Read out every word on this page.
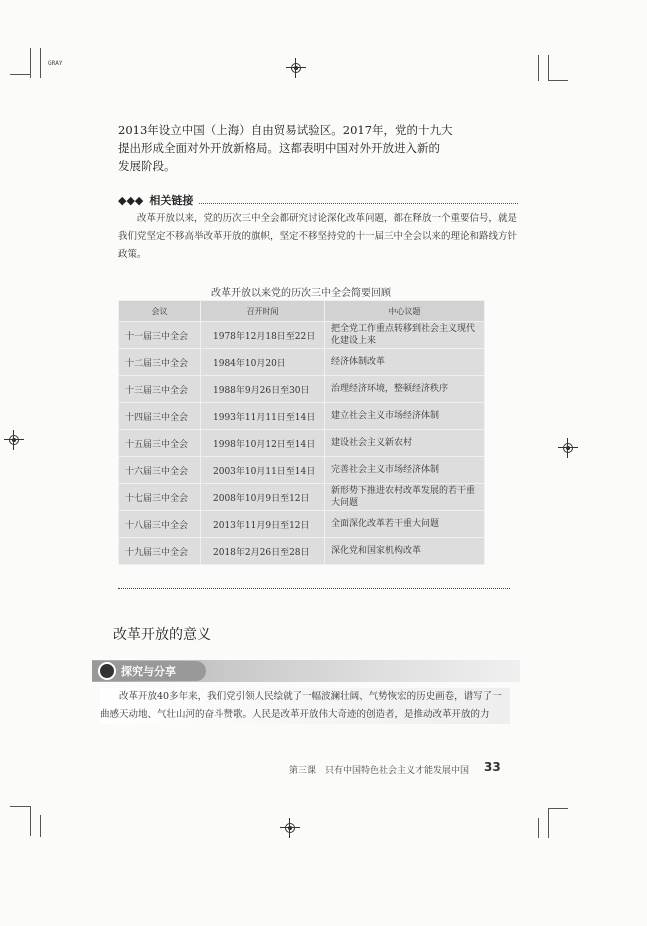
GRAY
2013年设立中国（上海）自由贸易试验区。2017年，党的十九大
提出形成全面对外开放新格局。这都表明中国对外开放进入新的
发展阶段。
◆◆◆ 相关链接
改革开放以来，党的历次三中全会都研究讨论深化改革问题，都在释放一个重要信号，就是我们党坚定不移高举改革开放的旗帜，坚定不移坚持党的十一届三中全会以来的理论和路线方针政策。
改革开放以来党的历次三中全会简要回顾
会议	召开时间	中心议题
十一届三中全会	1978年12月18日至22日	把全党工作重点转移到社会主义现代化建设上来
十二届三中全会	1984年10月20日	经济体制改革
十三届三中全会	1988年9月26日至30日	治理经济环境，整顿经济秩序
十四届三中全会	1993年11月11日至14日	建立社会主义市场经济体制
十五届三中全会	1998年10月12日至14日	建设社会主义新农村
十六届三中全会	2003年10月11日至14日	完善社会主义市场经济体制
十七届三中全会	2008年10月9日至12日	新形势下推进农村改革发展的若干重大问题
十八届三中全会	2013年11月9日至12日	全面深化改革若干重大问题
十九届三中全会	2018年2月26日至28日	深化党和国家机构改革
改革开放的意义
探究与分享
改革开放40多年来，我们党引领人民绘就了一幅波澜壮阔、气势恢宏的历史画卷，谱写了一曲感天动地、气壮山河的奋斗赞歌。人民是改革开放伟大奇迹的创造者，是推动改革开放的力
第三课　只有中国特色社会主义才能发展中国 33
